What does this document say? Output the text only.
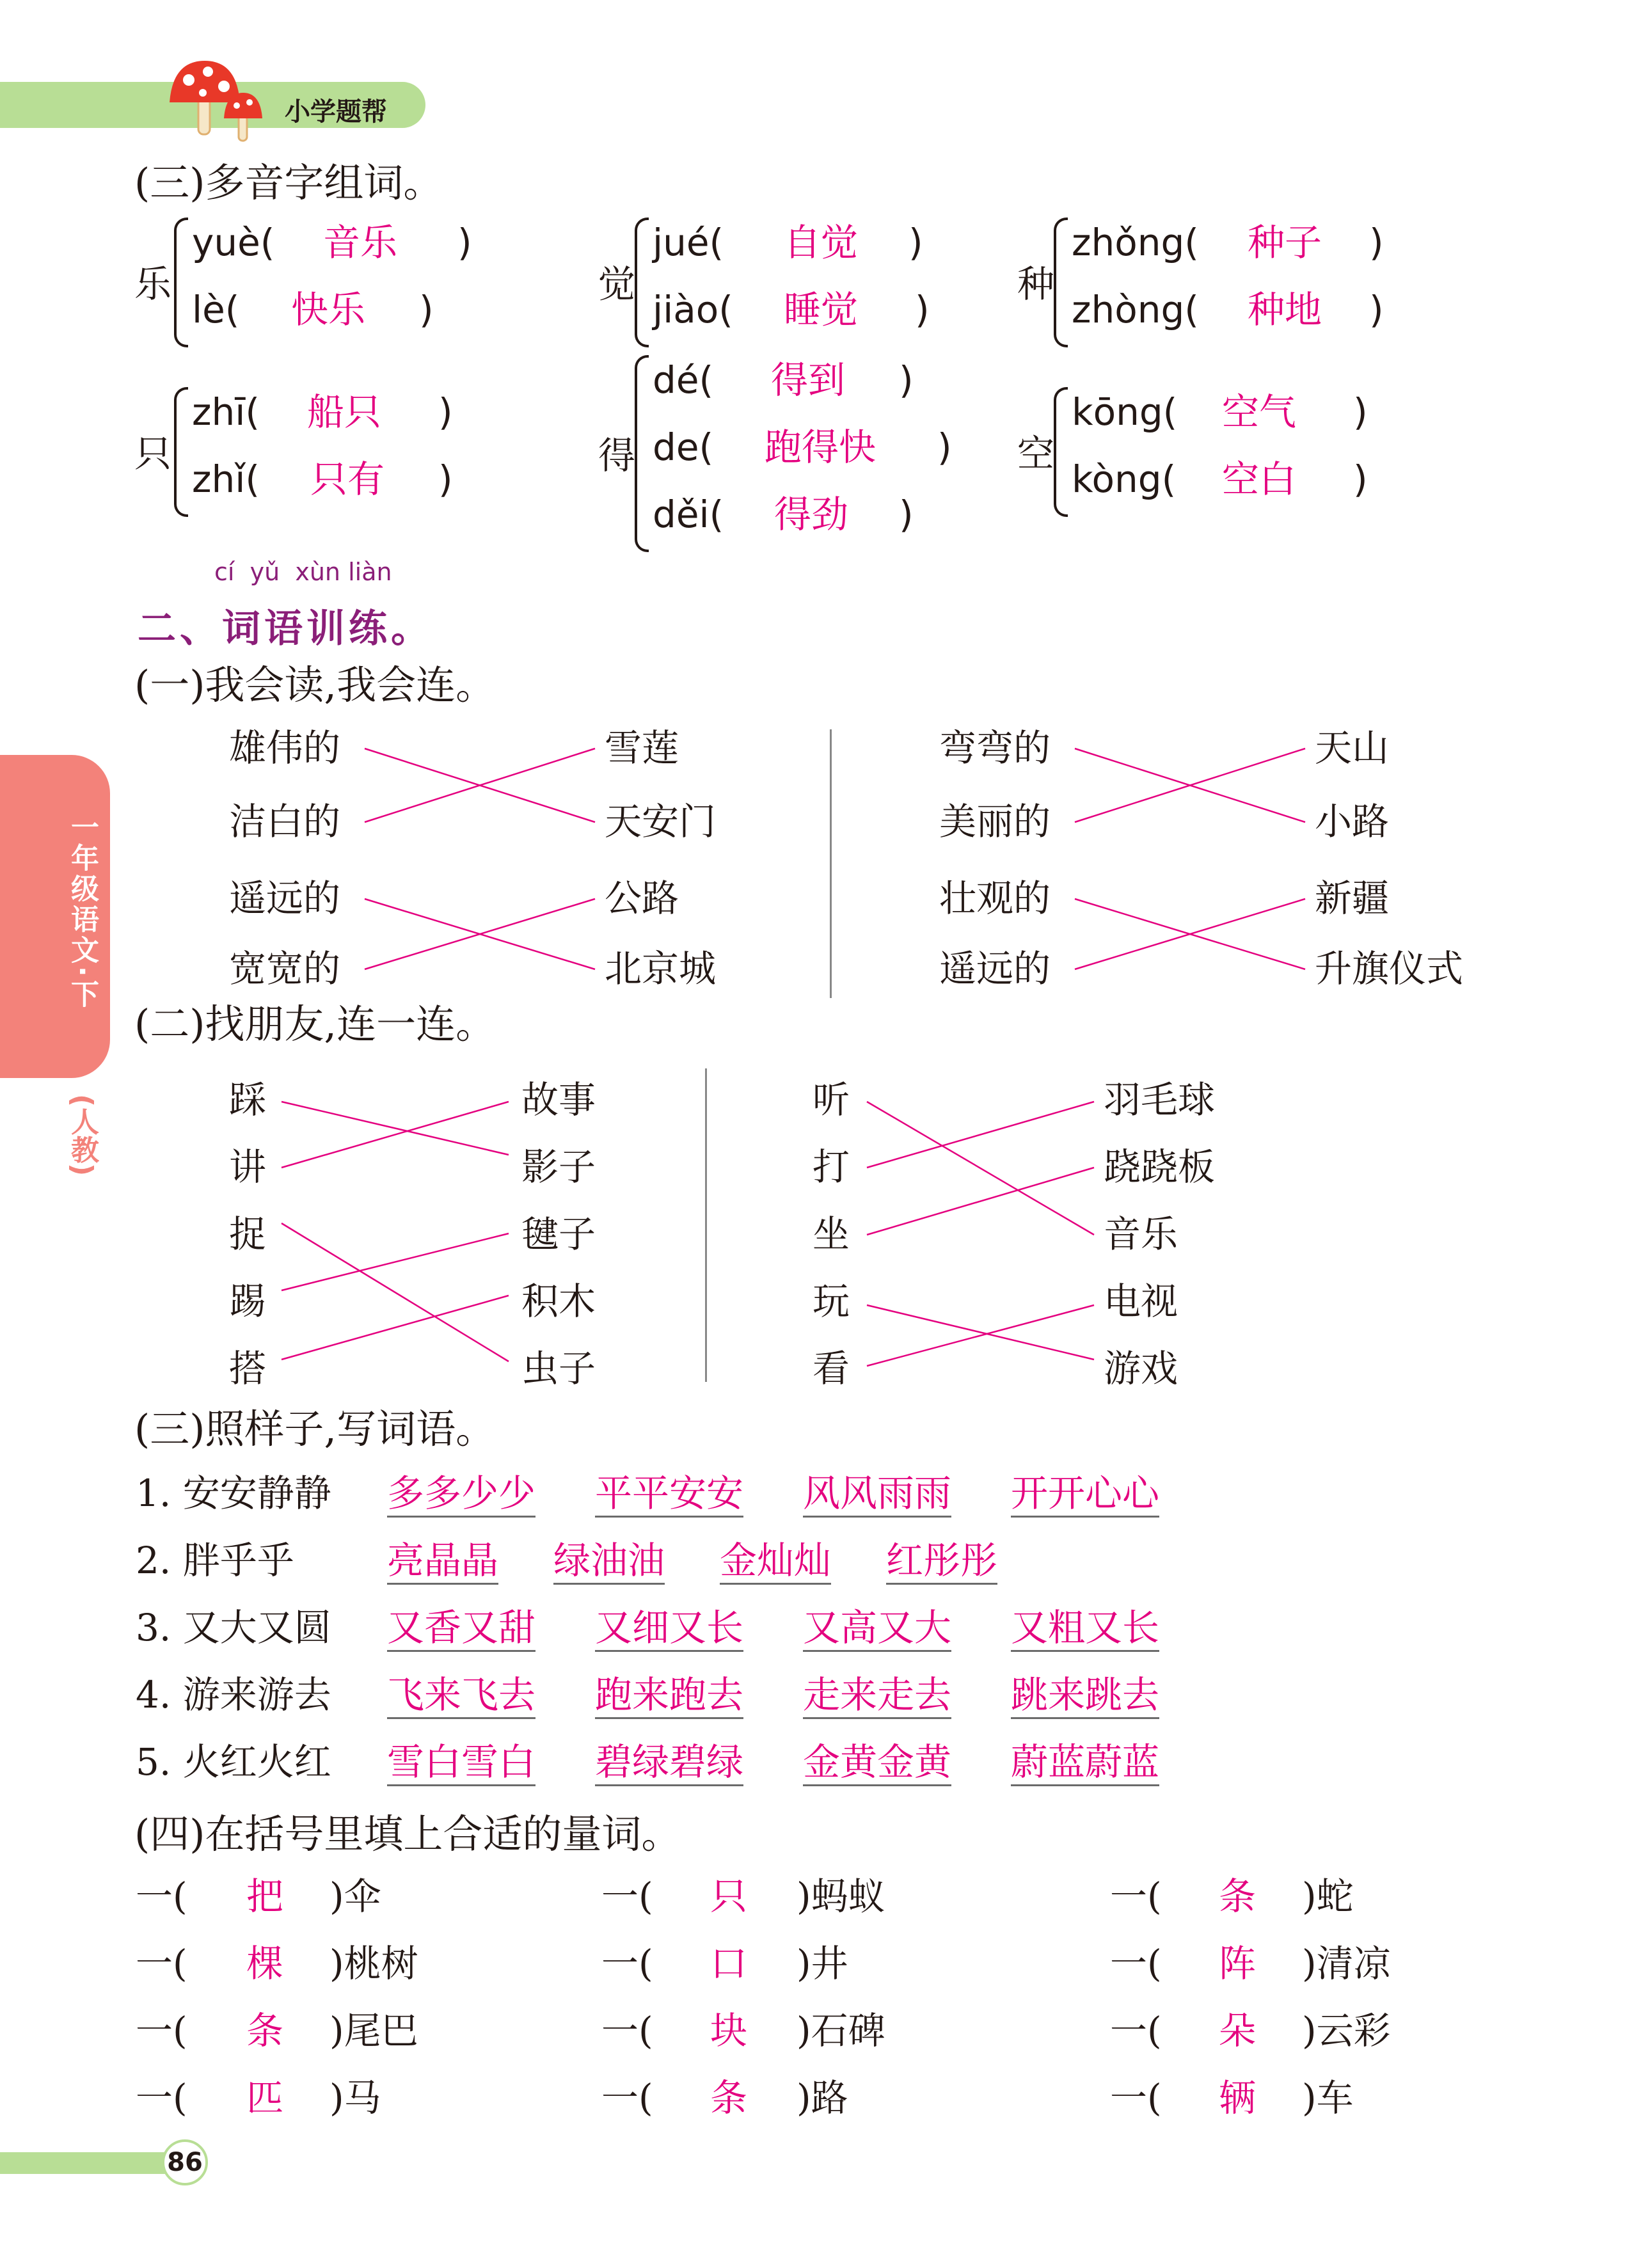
小学题帮
一年级语文·下
(人教)
(三)多音字组词。
乐
yuè( 音乐 )
lè( 快乐 )
觉
jué( 自觉 )
jiào( 睡觉 )
种
zhǒng( 种子 )
zhòng( 种地 )
只
zhī( 船只 )
zhǐ( 只有 )
得
dé( 得到 )
de( 跑得快 )
děi( 得劲 )
空
kōng( 空气 )
kòng( 空白 )
cí  yǔ  xùn liàn
二、词语训练。
(一)我会读,我会连。
雄伟的
洁白的
遥远的
宽宽的
雪莲
天安门
公路
北京城
弯弯的
美丽的
壮观的
遥远的
天山
小路
新疆
升旗仪式
(二)找朋友,连一连。
踩
讲
捉
踢
搭
故事
影子
毽子
积木
虫子
听
打
坐
玩
看
羽毛球
跷跷板
音乐
电视
游戏
(三)照样子,写词语。
1. 安安静静 多多少少 平平安安 风风雨雨 开开心心
2. 胖乎乎	亮晶晶 绿油油 金灿灿 红彤彤
3. 又大又圆 又香又甜 又细又长 又高又大 又粗又长
4. 游来游去 飞来飞去 跑来跑去 走来走去 跳来跳去
5. 火红火红 雪白雪白 碧绿碧绿 金黄金黄 蔚蓝蔚蓝
(四)在括号里填上合适的量词。
一( 把 )伞	一( 只 )蚂蚁	一( 条 )蛇
一( 棵 )桃树	一( 口 )井	一( 阵 )清凉
一( 条 )尾巴	一( 块 )石碑	一( 朵 )云彩
一( 匹 )马	一( 条 )路	一( 辆 )车
86
